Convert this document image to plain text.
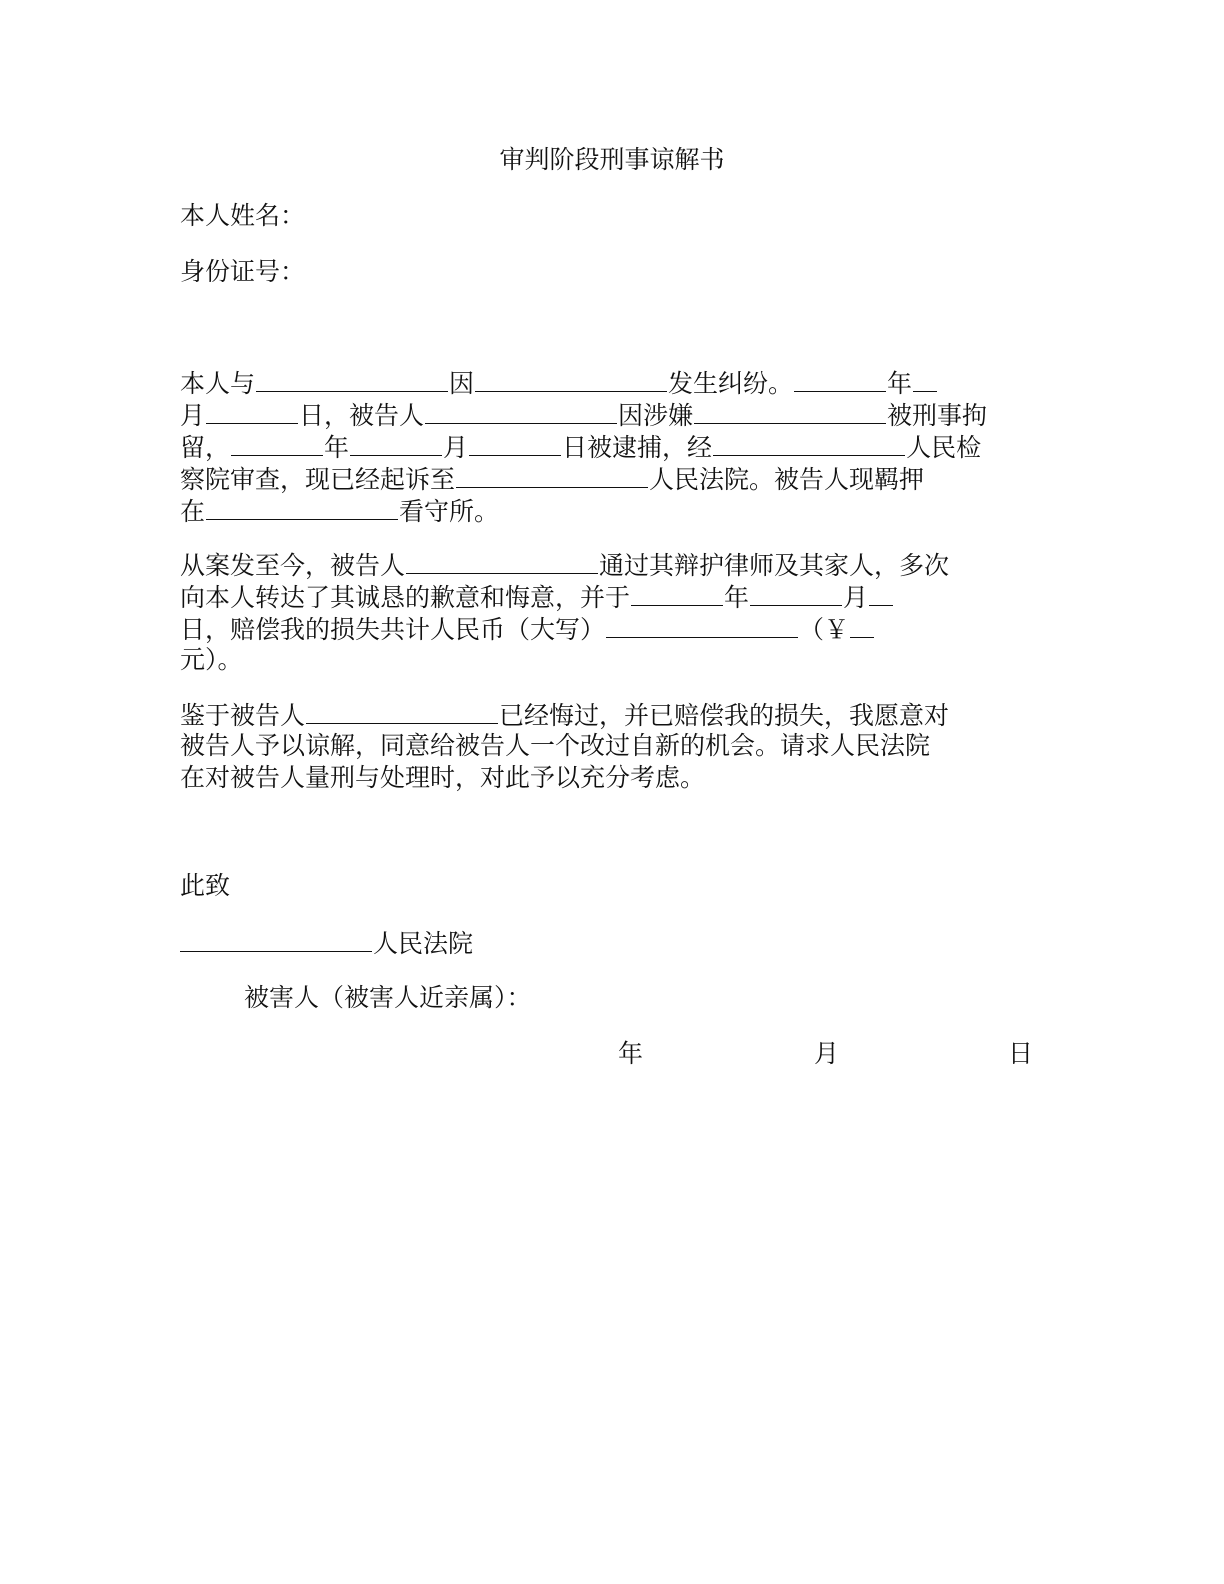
审判阶段刑事谅解书
本人姓名：
身份证号：
本人与	因	发生纠纷。	年
月	日，被告人	因涉嫌	被刑事拘
留，	年	月	日被逮捕，经	人民检
察院审查，现已经起诉至	人民法院。被告人现羁押
在	看守所。
从案发至今，被告人	通过其辩护律师及其家人，多次
向本人转达了其诚恳的歉意和悔意，并于	年	月
日，赔偿我的损失共计人民币（大写）	（￥
元）。
鉴于被告人	已经悔过，并已赔偿我的损失，我愿意对
被告人予以谅解，同意给被告人一个改过自新的机会。请求人民法院
在对被告人量刑与处理时，对此予以充分考虑。
此致
人民法院
被害人（被害人近亲属）：
年	月	日
